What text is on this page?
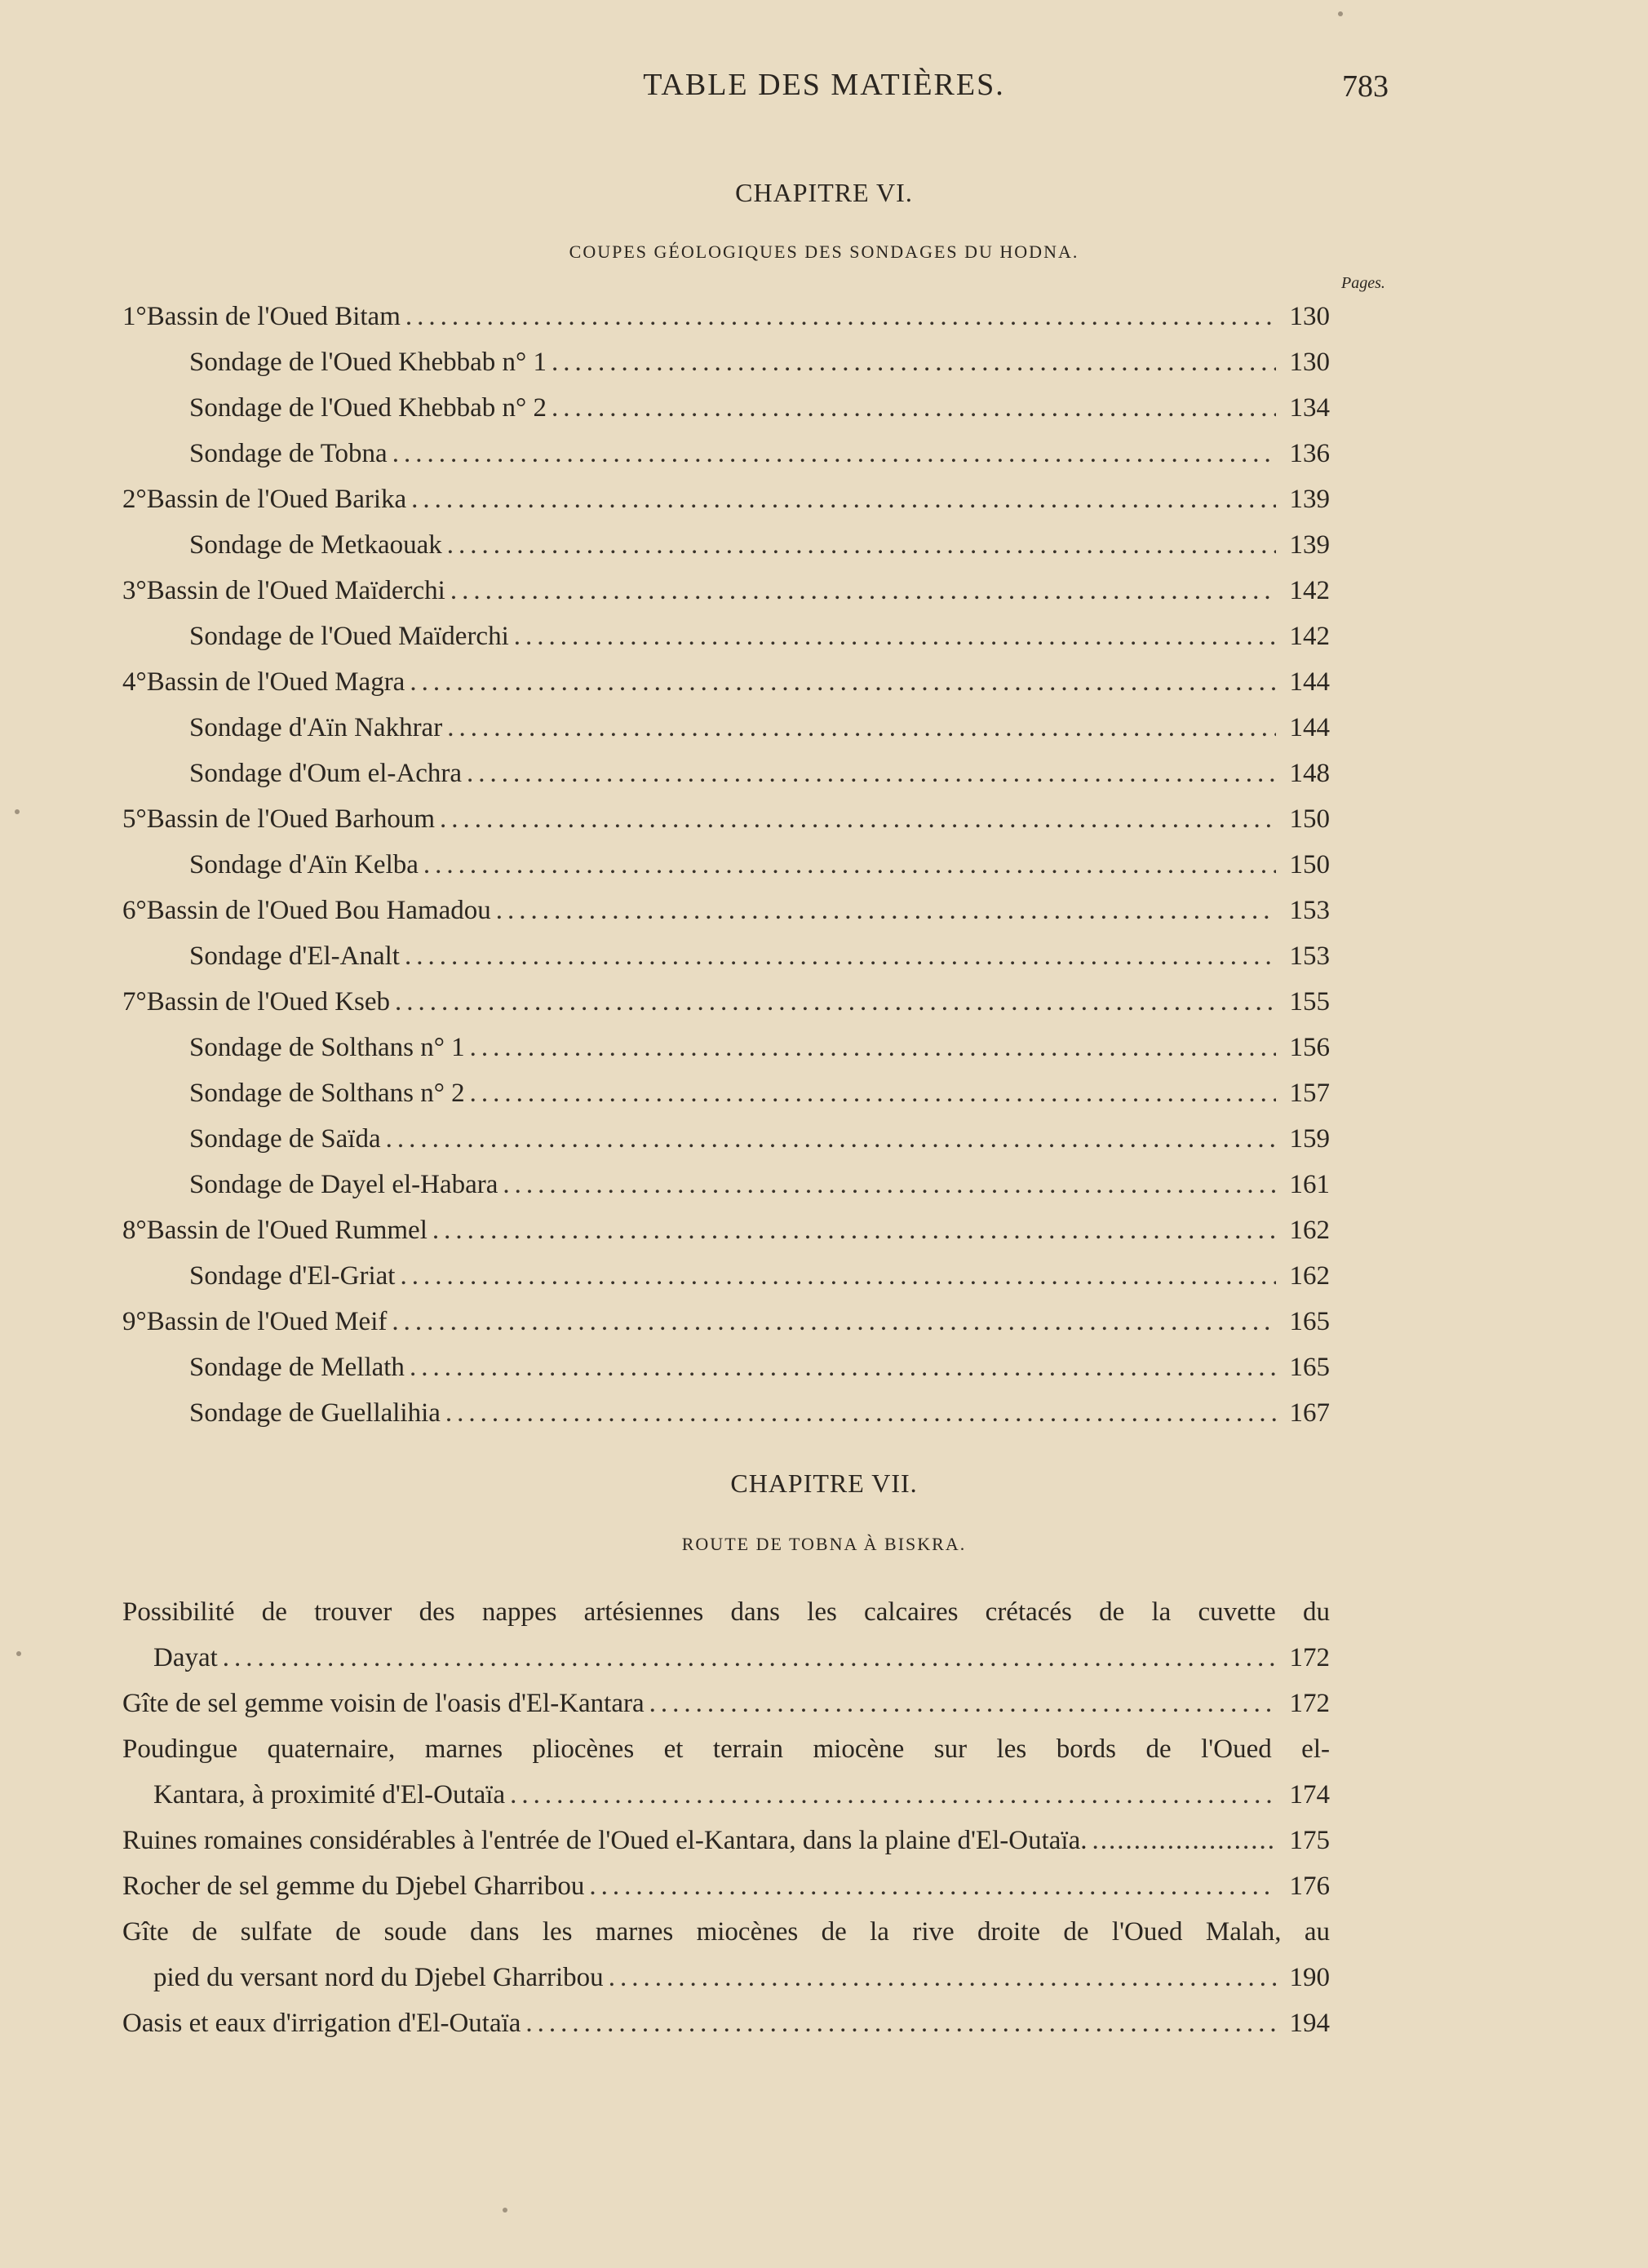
TABLE DES MATIÈRES.	783
CHAPITRE VI.
COUPES GÉOLOGIQUES DES SONDAGES DU HODNA.
Pages.
1° Bassin de l'Oued Bitam .....	130
Sondage de l'Oued Khebbab n° 1 .....	130
Sondage de l'Oued Khebbab n° 2 .....	134
Sondage de Tobna .....	136
2° Bassin de l'Oued Barika .....	139
Sondage de Metkaouak .....	139
3° Bassin de l'Oued Maïderchi .....	142
Sondage de l'Oued Maïderchi .....	142
4° Bassin de l'Oued Magra .....	144
Sondage d'Aïn Nakhrar .....	144
Sondage d'Oum el-Achra .....	148
5° Bassin de l'Oued Barhoum .....	150
Sondage d'Aïn Kelba .....	150
6° Bassin de l'Oued Bou Hamadou .....	153
Sondage d'El-Analt .....	153
7° Bassin de l'Oued Kseb .....	155
Sondage de Solthans n° 1 .....	156
Sondage de Solthans n° 2 .....	157
Sondage de Saïda .....	159
Sondage de Dayel el-Habara .....	161
8° Bassin de l'Oued Rummel .....	162
Sondage d'El-Griat .....	162
9° Bassin de l'Oued Meif .....	165
Sondage de Mellath .....	165
Sondage de Guellalihia .....	167
CHAPITRE VII.
ROUTE DE TOBNA À BISKRA.
Possibilité de trouver des nappes artésiennes dans les calcaires crétacés de la cuvette du
Dayat .....	172
Gîte de sel gemme voisin de l'oasis d'El-Kantara .....	172
Poudingue quaternaire, marnes pliocènes et terrain miocène sur les bords de l'Oued el-
Kantara, à proximité d'El-Outaïa .....	174
Ruines romaines considérables à l'entrée de l'Oued el-Kantara, dans la plaine d'El-Outaïa. .....	175
Rocher de sel gemme du Djebel Gharribou .....	176
Gîte de sulfate de soude dans les marnes miocènes de la rive droite de l'Oued Malah, au
pied du versant nord du Djebel Gharribou .....	190
Oasis et eaux d'irrigation d'El-Outaïa .....	194
